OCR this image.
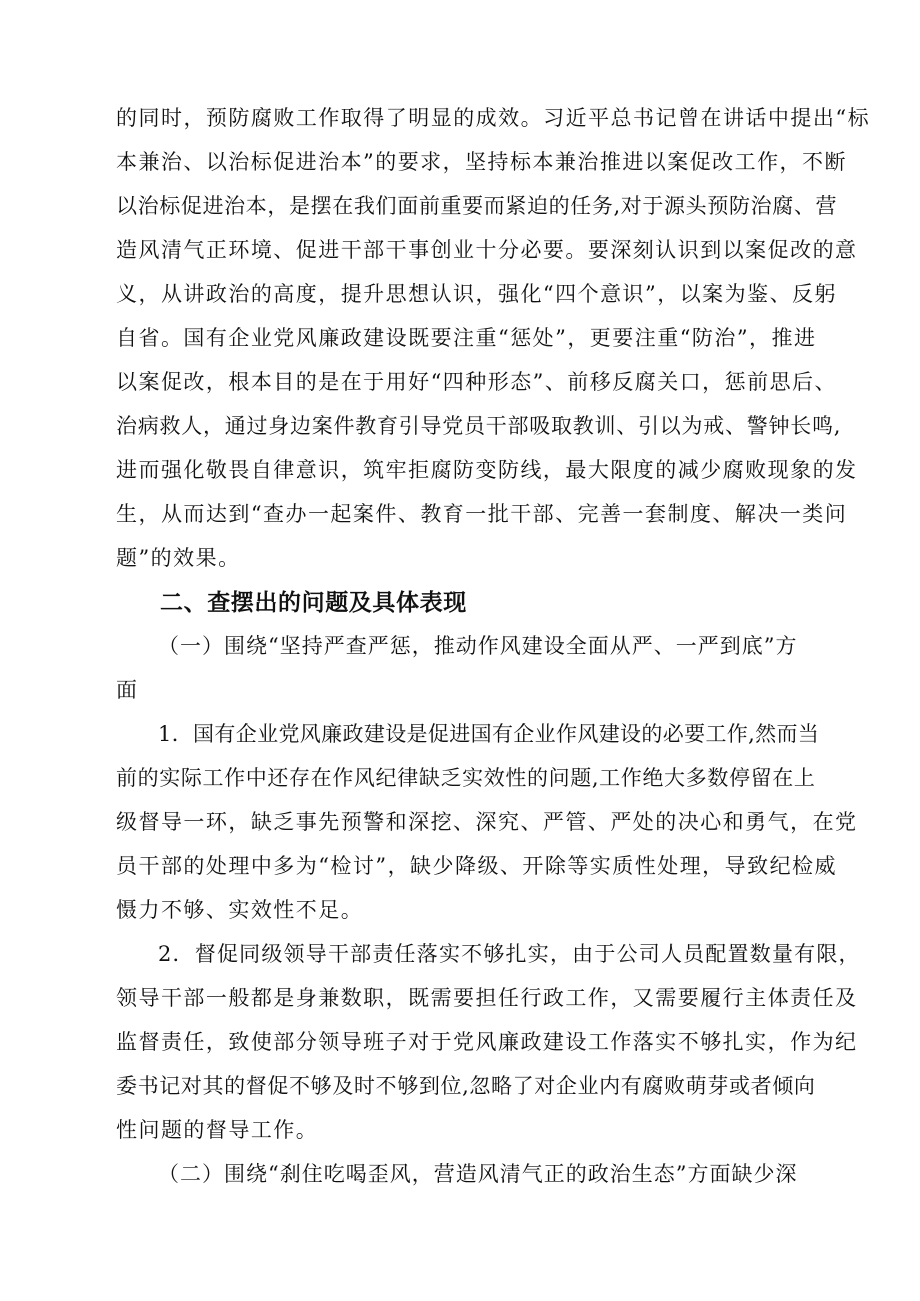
的同时，预防腐败工作取得了明显的成效。习近平总书记曾在讲话中提出“标

本兼治、以治标促进治本”的要求，坚持标本兼治推进以案促改工作，不断

以治标促进治本，是摆在我们面前重要而紧迫的任务,对于源头预防治腐、营

造风清气正环境、促进干部干事创业十分必要。要深刻认识到以案促改的意

义，从讲政治的高度，提升思想认识，强化“四个意识”，以案为鉴、反躬

自省。国有企业党风廉政建设既要注重“惩处”，更要注重“防治”，推进

以案促改，根本目的是在于用好“四种形态”、前移反腐关口，惩前思后、

治病救人，通过身边案件教育引导党员干部吸取教训、引以为戒、警钟长鸣,

进而强化敬畏自律意识，筑牢拒腐防变防线，最大限度的减少腐败现象的发

生，从而达到“查办一起案件、教育一批干部、完善一套制度、解决一类问

题”的效果。

二、查摆出的问题及具体表现

（一）围绕“坚持严查严惩，推动作风建设全面从严、一严到底”方

面

1．国有企业党风廉政建设是促进国有企业作风建设的必要工作,然而当

前的实际工作中还存在作风纪律缺乏实效性的问题,工作绝大多数停留在上

级督导一环，缺乏事先预警和深挖、深究、严管、严处的决心和勇气，在党

员干部的处理中多为“检讨”，缺少降级、开除等实质性处理，导致纪检威

慑力不够、实效性不足。

2．督促同级领导干部责任落实不够扎实，由于公司人员配置数量有限，

领导干部一般都是身兼数职，既需要担任行政工作，又需要履行主体责任及

监督责任，致使部分领导班子对于党风廉政建设工作落实不够扎实，作为纪

委书记对其的督促不够及时不够到位,忽略了对企业内有腐败萌芽或者倾向

性问题的督导工作。

（二）围绕“刹住吃喝歪风，营造风清气正的政治生态”方面缺少深
